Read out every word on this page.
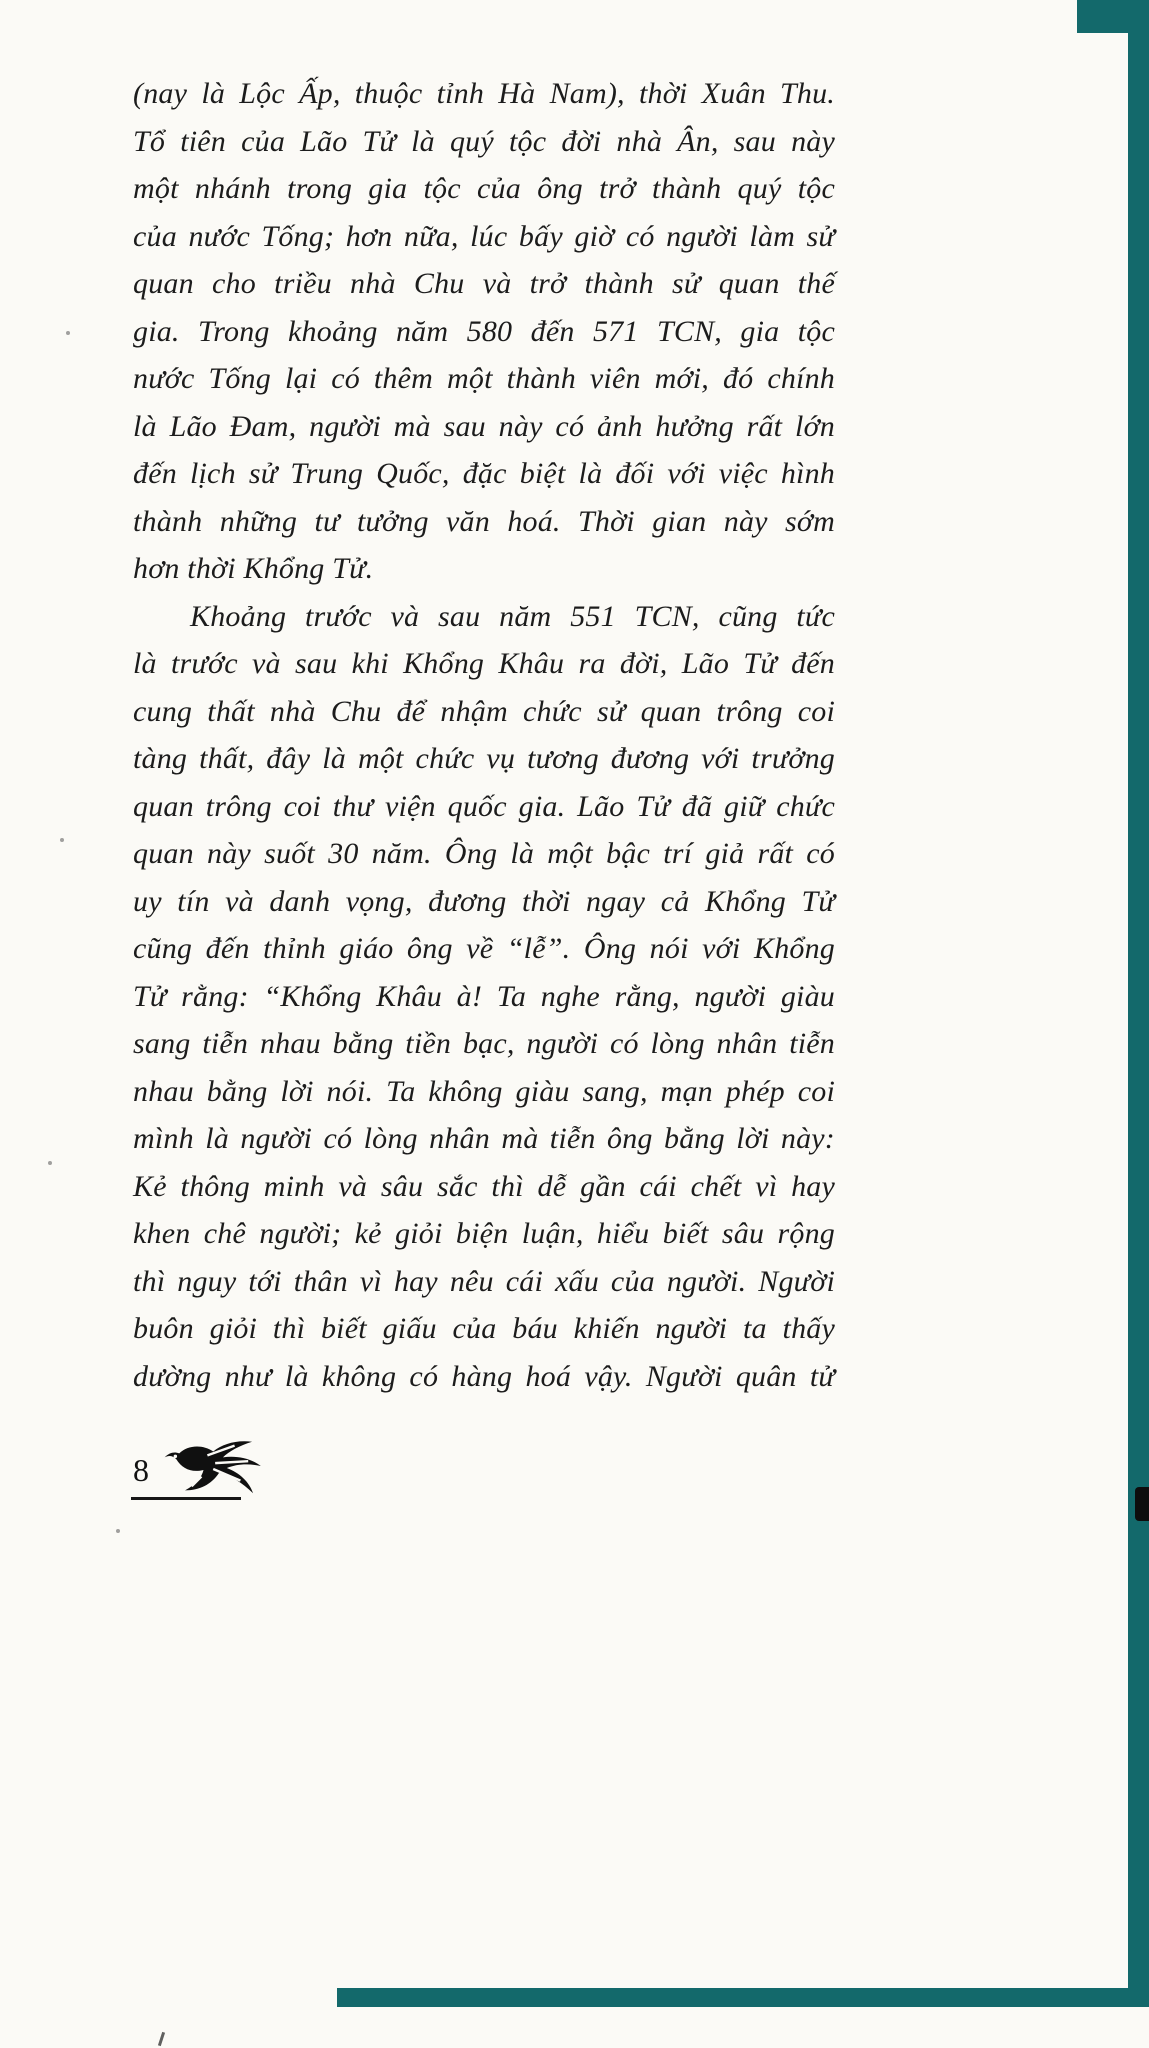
(nay là Lộc Ấp, thuộc tỉnh Hà Nam), thời Xuân Thu.
Tổ tiên của Lão Tử là quý tộc đời nhà Ân, sau này
một nhánh trong gia tộc của ông trở thành quý tộc
của nước Tống; hơn nữa, lúc bấy giờ có người làm sử
quan cho triều nhà Chu và trở thành sử quan thế
gia. Trong khoảng năm 580 đến 571 TCN, gia tộc
nước Tống lại có thêm một thành viên mới, đó chính
là Lão Đam, người mà sau này có ảnh hưởng rất lớn
đến lịch sử Trung Quốc, đặc biệt là đối với việc hình
thành những tư tưởng văn hoá. Thời gian này sớm
hơn thời Khổng Tử.
Khoảng trước và sau năm 551 TCN, cũng tức
là trước và sau khi Khổng Khâu ra đời, Lão Tử đến
cung thất nhà Chu để nhậm chức sử quan trông coi
tàng thất, đây là một chức vụ tương đương với trưởng
quan trông coi thư viện quốc gia. Lão Tử đã giữ chức
quan này suốt 30 năm. Ông là một bậc trí giả rất có
uy tín và danh vọng, đương thời ngay cả Khổng Tử
cũng đến thỉnh giáo ông về “lễ”. Ông nói với Khổng
Tử rằng: “Khổng Khâu à! Ta nghe rằng, người giàu
sang tiễn nhau bằng tiền bạc, người có lòng nhân tiễn
nhau bằng lời nói. Ta không giàu sang, mạn phép coi
mình là người có lòng nhân mà tiễn ông bằng lời này:
Kẻ thông minh và sâu sắc thì dễ gần cái chết vì hay
khen chê người; kẻ giỏi biện luận, hiểu biết sâu rộng
thì nguy tới thân vì hay nêu cái xấu của người. Người
buôn giỏi thì biết giấu của báu khiến người ta thấy
dường như là không có hàng hoá vậy. Người quân tử
8
